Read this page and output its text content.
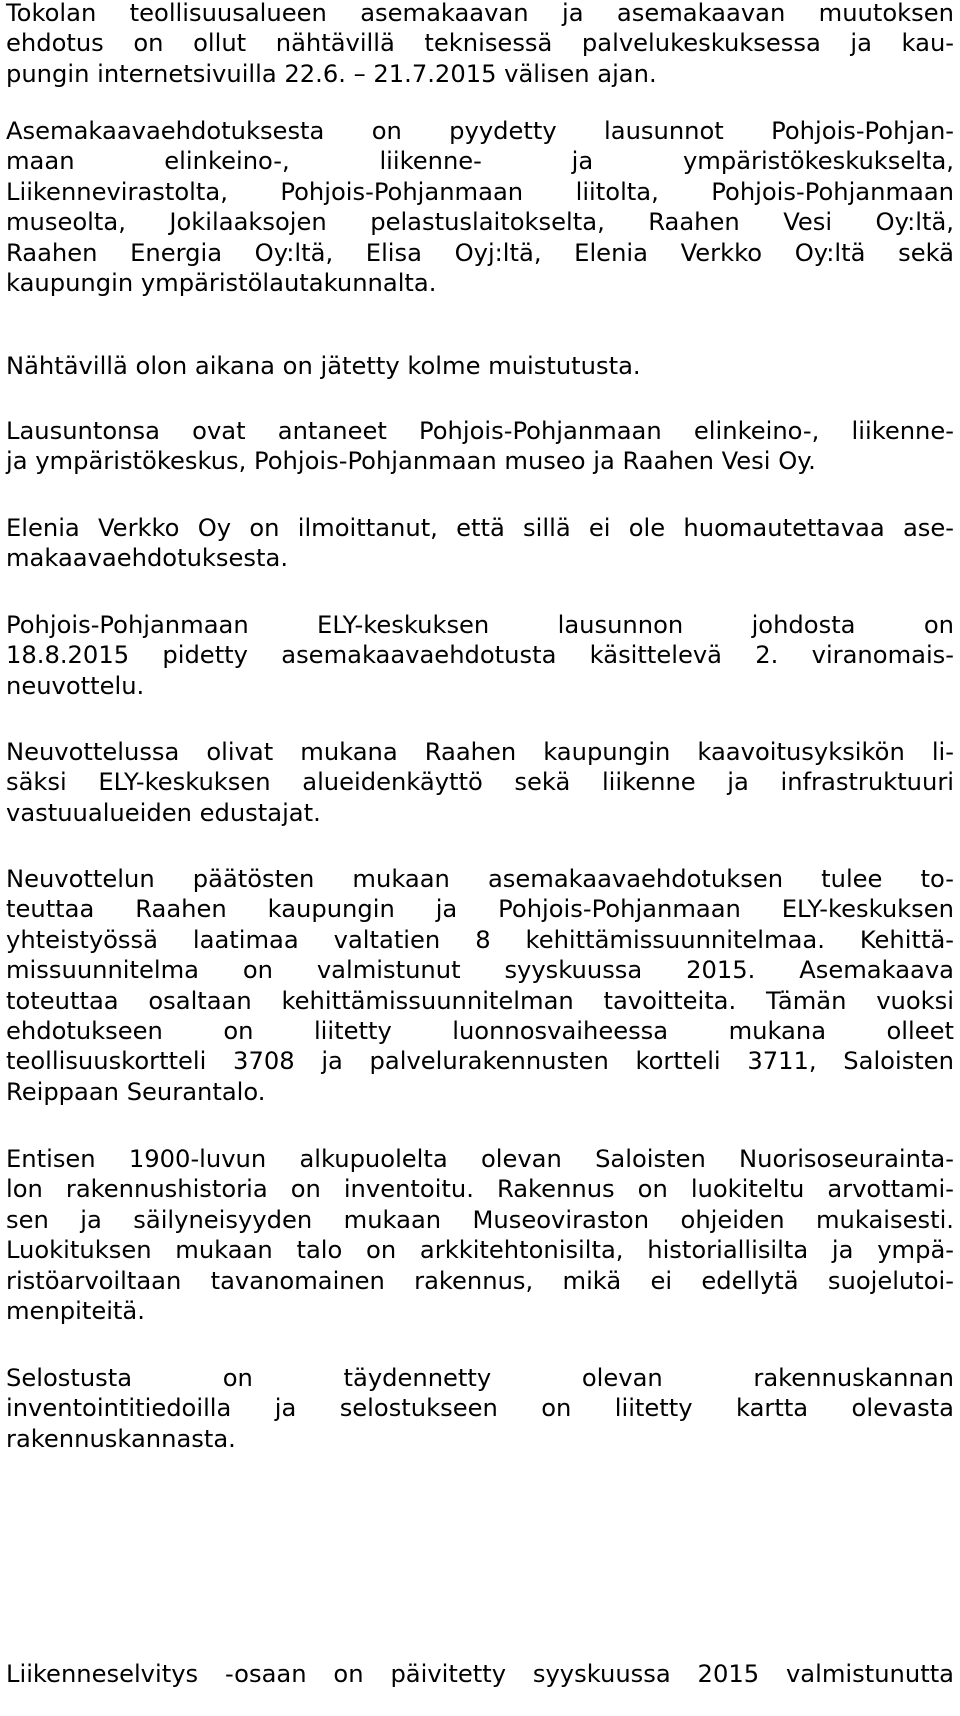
Tokolan teollisuusalueen asemakaavan ja asemakaavan muutoksen
ehdotus on ollut nähtävillä teknisessä palvelukeskuksessa ja kau-
pungin internetsivuilla 22.6. – 21.7.2015 välisen ajan.
Asemakaavaehdotuksesta on pyydetty lausunnot Pohjois-Pohjan-
maan elinkeino-, liikenne- ja ympäristökeskukselta,
Liikennevirastolta, Pohjois-Pohjanmaan liitolta, Pohjois-Pohjanmaan
museolta, Jokilaaksojen pelastuslaitokselta, Raahen Vesi Oy:ltä,
Raahen Energia Oy:ltä, Elisa Oyj:ltä, Elenia Verkko Oy:ltä sekä
kaupungin ympäristölautakunnalta.
Nähtävillä olon aikana on jätetty kolme muistutusta.
Lausuntonsa ovat antaneet Pohjois-Pohjanmaan elinkeino-, liikenne-
ja ympäristökeskus, Pohjois-Pohjanmaan museo ja Raahen Vesi Oy.
Elenia Verkko Oy on ilmoittanut, että sillä ei ole huomautettavaa ase-
makaavaehdotuksesta.
Pohjois-Pohjanmaan ELY-keskuksen lausunnon johdosta on
18.8.2015 pidetty asemakaavaehdotusta käsittelevä 2. viranomais-
neuvottelu.
Neuvottelussa olivat mukana Raahen kaupungin kaavoitusyksikön li-
säksi ELY-keskuksen alueidenkäyttö sekä liikenne ja infrastruktuuri
vastuualueiden edustajat.
Neuvottelun päätösten mukaan asemakaavaehdotuksen tulee to-
teuttaa Raahen kaupungin ja Pohjois-Pohjanmaan ELY-keskuksen
yhteistyössä laatimaa valtatien 8 kehittämissuunnitelmaa. Kehittä-
missuunnitelma on valmistunut syyskuussa 2015. Asemakaava
toteuttaa osaltaan kehittämissuunnitelman tavoitteita. Tämän vuoksi
ehdotukseen on liitetty luonnosvaiheessa mukana olleet
teollisuuskortteli 3708 ja palvelurakennusten kortteli 3711, Saloisten
Reippaan Seurantalo.
Entisen 1900-luvun alkupuolelta olevan Saloisten Nuorisoseurainta-
lon rakennushistoria on inventoitu. Rakennus on luokiteltu arvottami-
sen ja säilyneisyyden mukaan Museoviraston ohjeiden mukaisesti.
Luokituksen mukaan talo on arkkitehtonisilta, historiallisilta ja ympä-
ristöarvoiltaan tavanomainen rakennus, mikä ei edellytä suojelutoi-
menpiteitä.
Selostusta on täydennetty olevan rakennuskannan
inventointitiedoilla ja selostukseen on liitetty kartta olevasta
rakennuskannasta.
Liikenneselvitys -osaan on päivitetty syyskuussa 2015 valmistunutta
